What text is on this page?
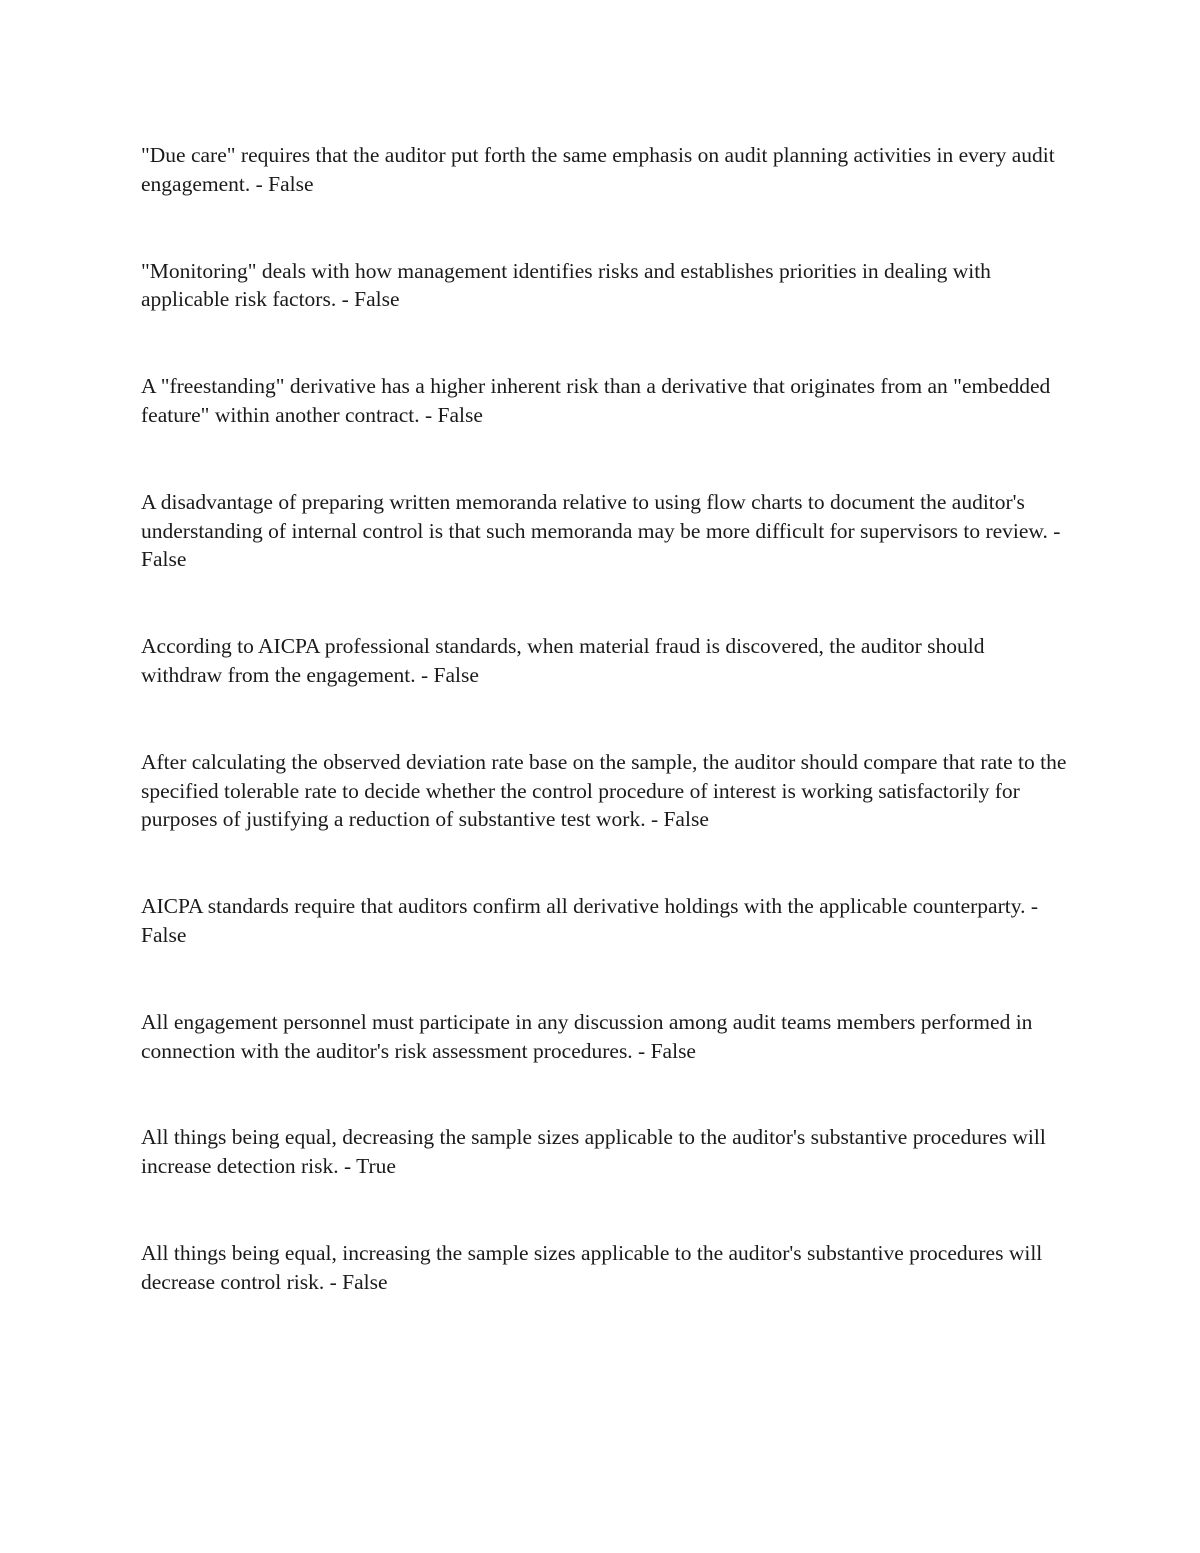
"Due care" requires that the auditor put forth the same emphasis on audit planning activities in every audit engagement. - False
"Monitoring" deals with how management identifies risks and establishes priorities in dealing with applicable risk factors. - False
A "freestanding" derivative has a higher inherent risk than a derivative that originates from an "embedded feature" within another contract. - False
A disadvantage of preparing written memoranda relative to using flow charts to document the auditor's understanding of internal control is that such memoranda may be more difficult for supervisors to review. - False
According to AICPA professional standards, when material fraud is discovered, the auditor should withdraw from the engagement. - False
After calculating the observed deviation rate base on the sample, the auditor should compare that rate to the specified tolerable rate to decide whether the control procedure of interest is working satisfactorily for purposes of justifying a reduction of substantive test work. - False
AICPA standards require that auditors confirm all derivative holdings with the applicable counterparty. - False
All engagement personnel must participate in any discussion among audit teams members performed in connection with the auditor's risk assessment procedures. - False
All things being equal, decreasing the sample sizes applicable to the auditor's substantive procedures will increase detection risk. - True
All things being equal, increasing the sample sizes applicable to the auditor's substantive procedures will decrease control risk. - False
